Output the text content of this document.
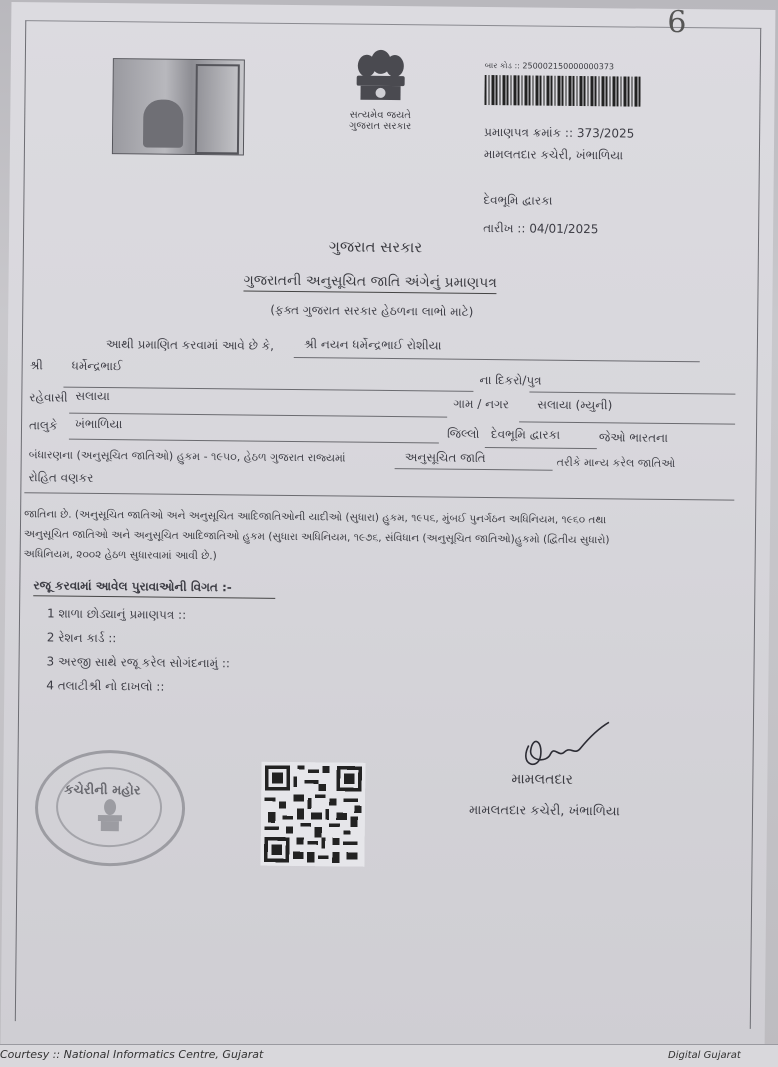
6
સત્યમેવ જયતે
ગુજરાત સરકાર
બાર કોડ :: 250002150000000373
પ્રમાણપત્ર ક્રમાંક :: 373/2025
મામલતદાર કચેરી, ખંભાળિયા
દેવભૂમિ દ્વારકા
તારીખ :: 04/01/2025
ગુજરાત સરકાર
ગુજરાતની અનુસૂચિત જાતિ અંગેનું પ્રમાણપત્ર
(ફક્ત ગુજરાત સરકાર હેઠળના લાભો માટે)
આથી પ્રમાણિત કરવામાં આવે છે કે, શ્રી નયન ધર્મેન્દ્રભાઈ રોશીયા
શ્રી ધર્મેન્દ્રભાઈ
ના દિકરો/પુત્ર
રહેવાસી સલાયા
ગામ / નગર સલાયા (મ્યુની)
તાલુકે ખંભાળિયા
જિલ્લો દેવભૂમિ દ્વારકા	જેઓ ભારતના
બંધારણના (અનુસૂચિત જાતિઓ) હુકમ - ૧૯૫૦, હેઠળ ગુજરાત રાજ્યમાં	અનુસૂચિત જાતિ	તરીકે માન્ય કરેલ જાતિઓ
રોહિત વણકર
જાતિના છે. (અનુસૂચિત જાતિઓ અને અનુસૂચિત આદિજાતિઓની યાદીઓ (સુધારા) હુકમ, ૧૯૫૬, મુંબઈ પુનર્ગઠન અધિનિયમ, ૧૯૬૦ તથા
અનુસૂચિત જાતિઓ અને અનુસૂચિત આદિજાતિઓ હુકમ (સુધારા અધિનિયમ, ૧૯૭૬, સંવિધાન (અનુસૂચિત જાતિઓ)હુકમો (દ્વિતીય સુધારો)
અધિનિયમ, ૨૦૦૨ હેઠળ સુધારવામાં આવી છે.)
રજૂ કરવામાં આવેલ પુરાવાઓની વિગત :-
1 શાળા છોડ્યાનું પ્રમાણપત્ર ::
2 રેશન કાર્ડ ::
3 અરજી સાથે રજૂ કરેલ સોગંદનામું ::
4 તલાટીશ્રી નો દાખલો ::
કચેરીની મહોર
મામલતદાર
મામલતદાર કચેરી, ખંભાળિયા
Courtesy :: National Informatics Centre, Gujarat	Digital Gujarat
